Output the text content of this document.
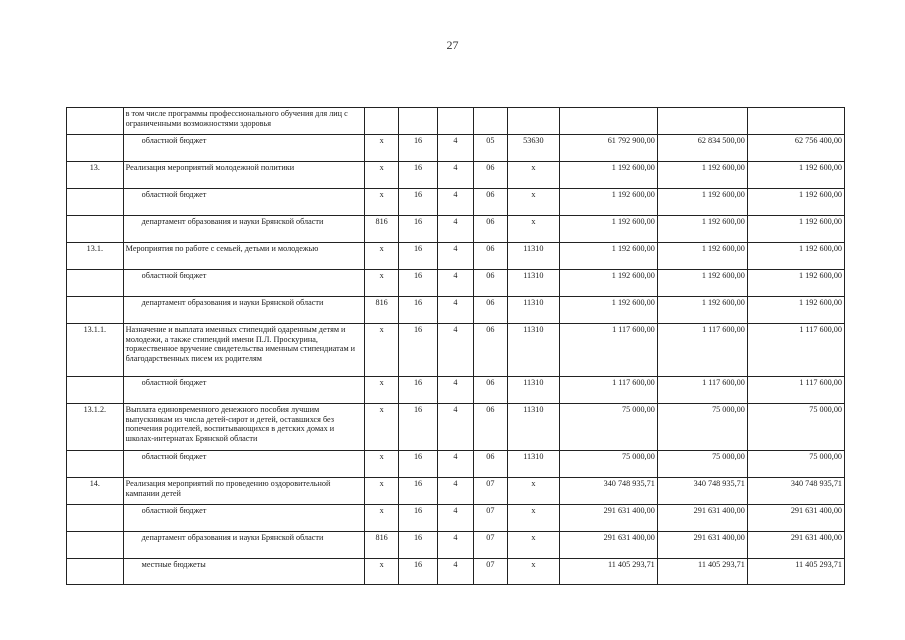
27
	в том числе программы профессионального обучения для лиц с ограниченными возможностями здоровья								
	областной бюджет	x	16	4	05	53630	61 792 900,00	62 834 500,00	62 756 400,00
13.	Реализация мероприятий молодежной политики	x	16	4	06	x	1 192 600,00	1 192 600,00	1 192 600,00
	областной бюджет	x	16	4	06	x	1 192 600,00	1 192 600,00	1 192 600,00
	департамент образования и науки Брянской области	816	16	4	06	x	1 192 600,00	1 192 600,00	1 192 600,00
13.1.	Мероприятия по работе с семьей, детьми и молодежью	x	16	4	06	11310	1 192 600,00	1 192 600,00	1 192 600,00
	областной бюджет	x	16	4	06	11310	1 192 600,00	1 192 600,00	1 192 600,00
	департамент образования и науки Брянской области	816	16	4	06	11310	1 192 600,00	1 192 600,00	1 192 600,00
13.1.1.	Назначение и выплата именных стипендий одаренным детям и молодежи, а также стипендий имени П.Л. Проскурина, торжественное вручение свидетельства именным стипендиатам и благодарственных писем их родителям	x	16	4	06	11310	1 117 600,00	1 117 600,00	1 117 600,00
	областной бюджет	x	16	4	06	11310	1 117 600,00	1 117 600,00	1 117 600,00
13.1.2.	Выплата единовременного денежного пособия лучшим выпускникам из числа детей-сирот и детей, оставшихся без попечения родителей, воспитывающихся в детских домах и школах-интернатах Брянской области	x	16	4	06	11310	75 000,00	75 000,00	75 000,00
	областной бюджет	x	16	4	06	11310	75 000,00	75 000,00	75 000,00
14.	Реализация мероприятий по проведению оздоровительной кампании детей	x	16	4	07	x	340 748 935,71	340 748 935,71	340 748 935,71
	областной бюджет	x	16	4	07	x	291 631 400,00	291 631 400,00	291 631 400,00
	департамент образования и науки Брянской области	816	16	4	07	x	291 631 400,00	291 631 400,00	291 631 400,00
	местные бюджеты	x	16	4	07	x	11 405 293,71	11 405 293,71	11 405 293,71
